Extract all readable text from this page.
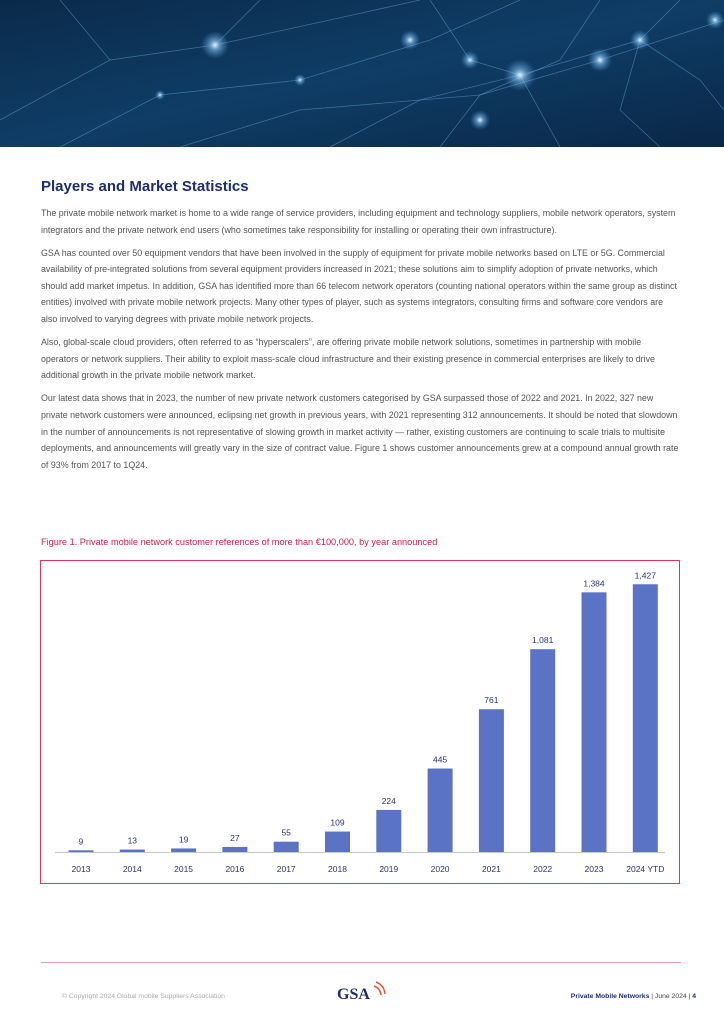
Players and Market Statistics

The private mobile network market is home to a wide range of service providers, including equipment and technology suppliers, mobile network operators, system integrators and the private network end users (who sometimes take responsibility for installing or operating their own infrastructure).

GSA has counted over 50 equipment vendors that have been involved in the supply of equipment for private mobile networks based on LTE or 5G. Commercial availability of pre-integrated solutions from several equipment providers increased in 2021; these solutions aim to simplify adoption of private networks, which should add market impetus. In addition, GSA has identified more than 66 telecom network operators (counting national operators within the same group as distinct entities) involved with private mobile network projects. Many other types of player, such as systems integrators, consulting firms and software core vendors are also involved to varying degrees with private mobile network projects.

Also, global-scale cloud providers, often referred to as “hyperscalers”, are offering private mobile network solutions, sometimes in partnership with mobile operators or network suppliers. Their ability to exploit mass-scale cloud infrastructure and their existing presence in commercial enterprises are likely to drive additional growth in the private mobile network market.

Our latest data shows that in 2023, the number of new private network customers categorised by GSA surpassed those of 2022 and 2021. In 2022, 327 new private network customers were announced, eclipsing net growth in previous years, with 2021 representing 312 announcements. It should be noted that slowdown in the number of announcements is not representative of slowing growth in market activity — rather, existing customers are continuing to scale trials to multisite deployments, and announcements will greatly vary in the size of contract value. Figure 1 shows customer announcements grew at a compound annual growth rate of 93% from 2017 to 1Q24.

Figure 1. Private mobile network customer references of more than €100,000, by year announced
9
2013
13
2014
19
2015
27
2016
55
2017
109
2018
224
2019
445
2020
761
2021
1,081
2022
1,384
2023
1,427
2024 YTD
© Copyright 2024 Global mobile Suppliers Association	GSA	Private Mobile Networks | June 2024 | 4
